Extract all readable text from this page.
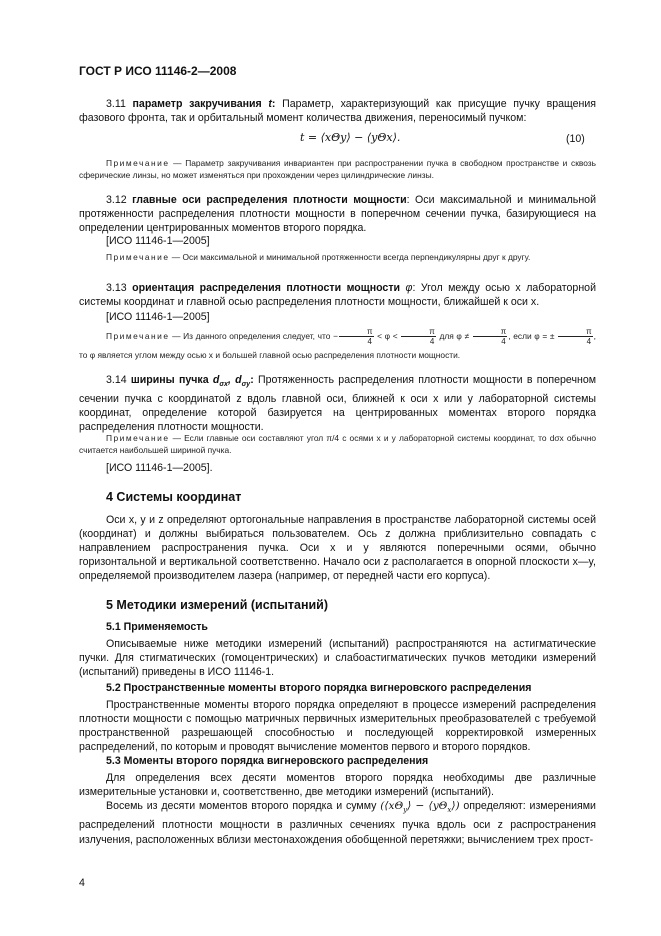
ГОСТ Р ИСО 11146-2—2008

3.11 параметр закручивания t: Параметр, характеризующий как присущие пучку вращения фазового фронта, так и орбитальный момент количества движения, переносимый пучком:

t = ⟨xΘy⟩ − ⟨yΘx⟩.	(10)

Примечание — Параметр закручивания инвариантен при распространении пучка в свободном пространстве и сквозь сферические линзы, но может изменяться при прохождении через цилиндрические линзы.

3.12 главные оси распределения плотности мощности: Оси максимальной и минимальной протяженности распределения плотности мощности в поперечном сечении пучка, базирующиеся на определении центрированных моментов второго порядка.

[ИСО 11146-1—2005]

Примечание — Оси максимальной и минимальной протяженности всегда перпендикулярны друг к другу.

3.13 ориентация распределения плотности мощности φ: Угол между осью x лабораторной системы координат и главной осью распределения плотности мощности, ближайшей к оси x.

[ИСО 11146-1—2005]

Примечание — Из данного определения следует, что − $\frac{\pi}{4} < \varphi < \frac{\pi}{4}$ для $\varphi \ne \frac{\pi}{4}$ , если φ = ± $\frac{\pi}{4}$ , то φ является углом между осью x и большей главной осью распределения плотности мощности.

3.14 ширины пучка $d_{\sigma x}$, $d_{\sigma y}$: Протяженность распределения плотности мощности в поперечном сечении пучка с координатой z вдоль главной оси, ближней к оси x или y лабораторной системы координат, определение которой базируется на центрированных моментах второго порядка распределения плотности мощности.

Примечание — Если главные оси составляют угол π/4 с осями x и y лабораторной системы координат, то dσx обычно считается наибольшей шириной пучка.

[ИСО 11146-1—2005].
4 Системы координат

Оси x, y и z определяют ортогональные направления в пространстве лабораторной системы осей (координат) и должны выбираться пользователем. Ось z должна приблизительно совпадать с направлением распространения пучка. Оси x и y являются поперечными осями, обычно горизонтальной и вертикальной соответственно. Начало оси z располагается в опорной плоскости x—y, определяемой производителем лазера (например, от передней части его корпуса).

5 Методики измерений (испытаний)
5.1 Применяемость

Описываемые ниже методики измерений (испытаний) распространяются на астигматические пучки. Для стигматических (гомоцентрических) и слабоастигматических пучков методики измерений (испытаний) приведены в ИСО 11146-1.

5.2 Пространственные моменты второго порядка вигнеровского распределения

Пространственные моменты второго порядка определяют в процессе измерений распределения плотности мощности с помощью матричных первичных измерительных преобразователей с требуемой пространственной разрешающей способностью и последующей корректировкой измеренных распределений, по которым и проводят вычисление моментов первого и второго порядков.

5.3 Моменты второго порядка вигнеровского распределения

Для определения всех десяти моментов второго порядка необходимы две различные измерительные установки и, соответственно, две методики измерений (испытаний).

Восемь из десяти моментов второго порядка и сумму ($⟨x\Theta_y⟩$ − $⟨y\Theta_x⟩$) определяют: измерениями распределений плотности мощности в различных сечениях пучка вдоль оси z распространения излучения, расположенных вблизи местонахождения обобщенной перетяжки; вычислением трех прост-

4
